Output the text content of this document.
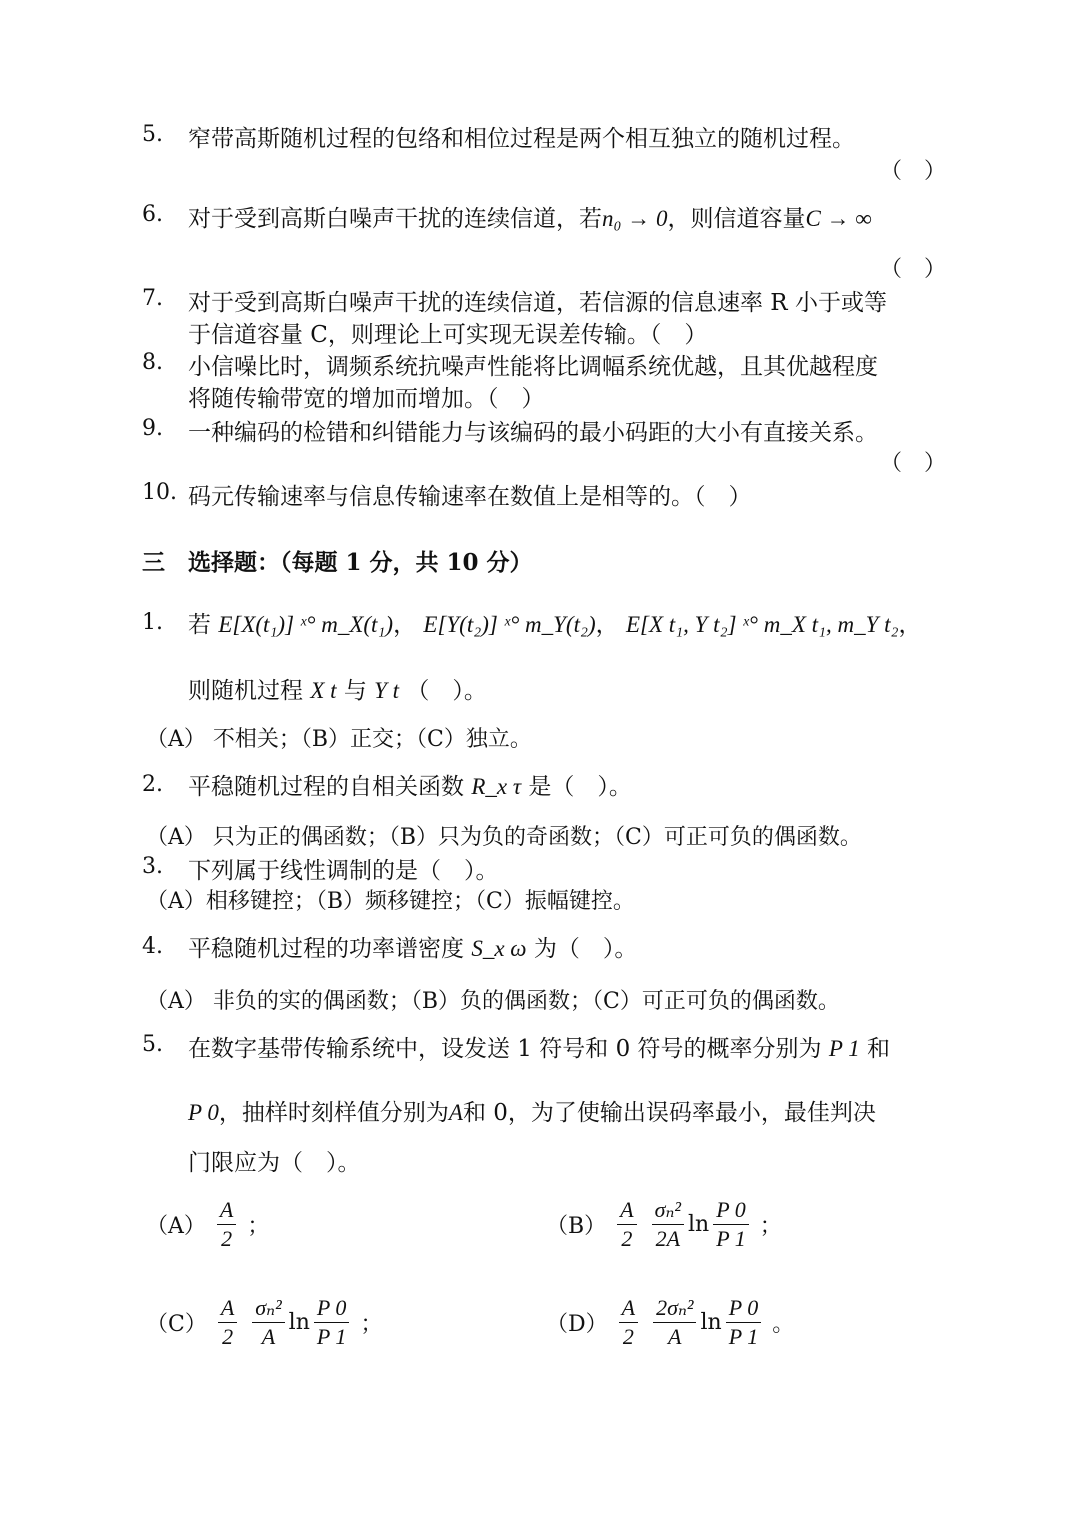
5. 窄带高斯随机过程的包络和相位过程是两个相互独立的随机过程。
（　）
6. 对于受到高斯白噪声干扰的连续信道，若n₀ → 0，则信道容量C → ∞
（　）
7. 对于受到高斯白噪声干扰的连续信道，若信源的信息速率 R 小于或等
于信道容量 C，则理论上可实现无误差传输。（　）
8. 小信噪比时，调频系统抗噪声性能将比调幅系统优越，且其优越程度
将随传输带宽的增加而增加。（　）
9. 一种编码的检错和纠错能力与该编码的最小码距的大小有直接关系。
（　）
10. 码元传输速率与信息传输速率在数值上是相等的。（　）
三　选择题：（每题 1 分，共 10 分）
1. 若 E[X(t₁)] ˣ° m_X(t₁)， E[Y(t₂)] ˣ° m_Y(t₂)， E[X t₁, Y t₂] ˣ° m_X t₁, m_Y t₂，
则随机过程 X t 与 Y t （　）。
（A） 不相关；（B）正交；（C）独立。
2. 平稳随机过程的自相关函数 R_x τ 是（　）。
（A） 只为正的偶函数；（B）只为负的奇函数；（C）可正可负的偶函数。
3. 下列属于线性调制的是（　）。
（A）相移键控；（B）频移键控；（C）振幅键控。
4. 平稳随机过程的功率谱密度 S_x ω 为（　）。
（A） 非负的实的偶函数；（B）负的偶函数；（C）可正可负的偶函数。
5. 在数字基带传输系统中，设发送 1 符号和 0 符号的概率分别为 P 1 和
P 0，抽样时刻样值分别为A和 0，为了使输出误码率最小，最佳判决
门限应为（　）。
$(A) \frac{A}{2}$ ；	$(B) \frac{A}{2}$
$\frac{\text{σₙ²}}{2A}$ $\ln \frac{P 0}{P 1}$ ；
$(C) \frac{A}{2}$
$\frac{\text{σₙ²}}{A}$ $\ln \frac{P 0}{P 1}$ ；	$(D) \frac{A}{2}$
$\frac{\text{2σₙ²}}{A}$ $\ln \frac{P 0}{P 1}$ 。
